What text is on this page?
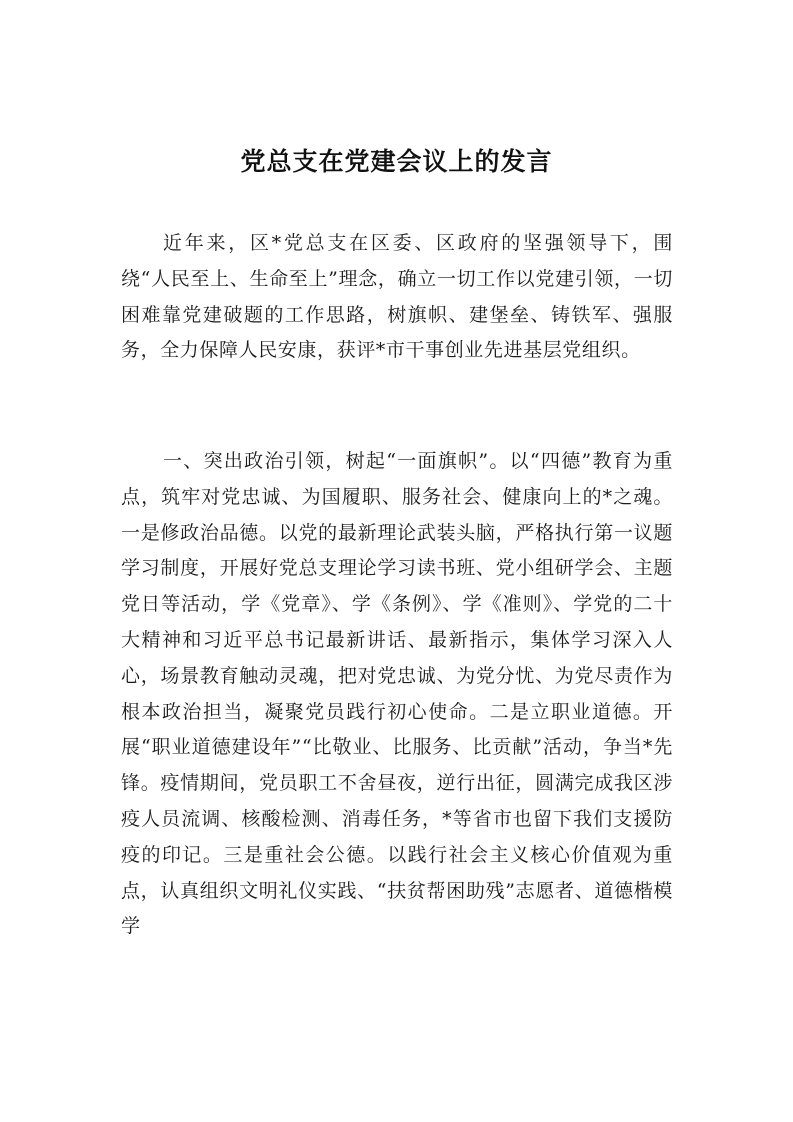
党总支在党建会议上的发言

近年来，区*党总支在区委、区政府的坚强领导下，围绕“人民至上、生命至上”理念，确立一切工作以党建引领，一切困难靠党建破题的工作思路，树旗帜、建堡垒、铸铁军、强服务，全力保障人民安康，获评*市干事创业先进基层党组织。

一、突出政治引领，树起“一面旗帜”。以“四德”教育为重点，筑牢对党忠诚、为国履职、服务社会、健康向上的*之魂。一是修政治品德。以党的最新理论武装头脑，严格执行第一议题学习制度，开展好党总支理论学习读书班、党小组研学会、主题党日等活动，学《党章》、学《条例》、学《准则》、学党的二十大精神和习近平总书记最新讲话、最新指示，集体学习深入人心，场景教育触动灵魂，把对党忠诚、为党分忧、为党尽责作为根本政治担当，凝聚党员践行初心使命。二是立职业道德。开展“职业道德建设年”“比敬业、比服务、比贡献”活动，争当*先锋。疫情期间，党员职工不舍昼夜，逆行出征，圆满完成我区涉疫人员流调、核酸检测、消毒任务，*等省市也留下我们支援防疫的印记。三是重社会公德。以践行社会主义核心价值观为重点，认真组织文明礼仪实践、“扶贫帮困助残”志愿者、道德楷模学
